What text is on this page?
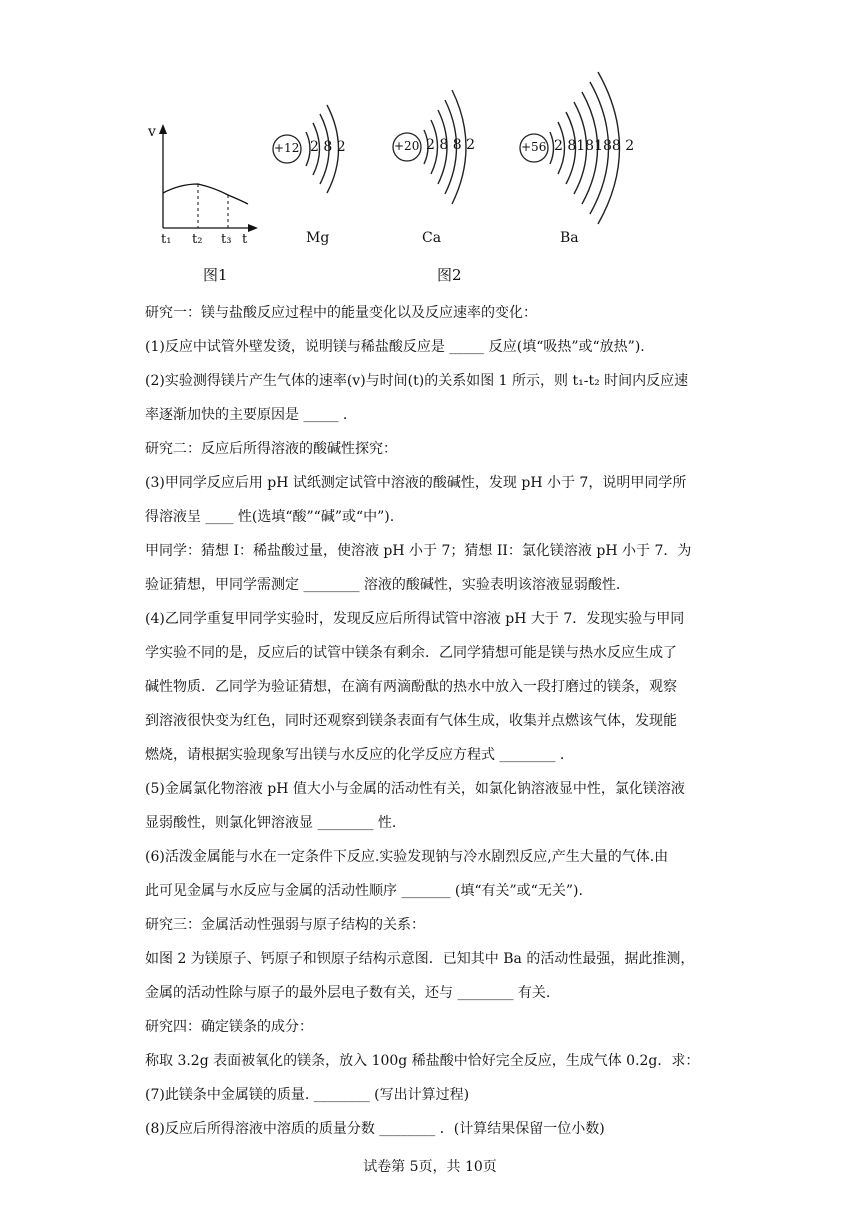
v
t₁ t₂ t₃ t
图1
+12 2 8 2
Mg
+20 2 8 8 2
Ca
+56 2 818188 2
Ba
图2
研究一：镁与盐酸反应过程中的能量变化以及反应速率的变化：
(1)反应中试管外壁发烫，说明镁与稀盐酸反应是 _____ 反应(填“吸热”或“放热”).
(2)实验测得镁片产生气体的速率(v)与时间(t)的关系如图 1 所示，则 t₁-t₂ 时间内反应速
率逐渐加快的主要原因是 _____ .
研究二：反应后所得溶液的酸碱性探究：
(3)甲同学反应后用 pH 试纸测定试管中溶液的酸碱性，发现 pH 小于 7，说明甲同学所
得溶液呈 ____ 性(选填“酸”“碱”或“中”).
甲同学：猜想 I：稀盐酸过量，使溶液 pH 小于 7；猜想 II：氯化镁溶液 pH 小于 7．为
验证猜想，甲同学需测定 ________ 溶液的酸碱性，实验表明该溶液显弱酸性.
(4)乙同学重复甲同学实验时，发现反应后所得试管中溶液 pH 大于 7．发现实验与甲同
学实验不同的是，反应后的试管中镁条有剩余．乙同学猜想可能是镁与热水反应生成了
碱性物质．乙同学为验证猜想，在滴有两滴酚酞的热水中放入一段打磨过的镁条，观察
到溶液很快变为红色，同时还观察到镁条表面有气体生成，收集并点燃该气体，发现能
燃烧，请根据实验现象写出镁与水反应的化学反应方程式 ________ .
(5)金属氯化物溶液 pH 值大小与金属的活动性有关，如氯化钠溶液显中性，氯化镁溶液
显弱酸性，则氯化钾溶液显 ________ 性.
(6)活泼金属能与水在一定条件下反应.实验发现钠与冷水剧烈反应,产生大量的气体.由
此可见金属与水反应与金属的活动性顺序 _______ (填“有关”或“无关”).
研究三：金属活动性强弱与原子结构的关系：
如图 2 为镁原子、钙原子和钡原子结构示意图．已知其中 Ba 的活动性最强，据此推测，
金属的活动性除与原子的最外层电子数有关，还与 ________ 有关.
研究四：确定镁条的成分：
称取 3.2g 表面被氧化的镁条，放入 100g 稀盐酸中恰好完全反应，生成气体 0.2g．求：
(7)此镁条中金属镁的质量. ________ (写出计算过程)
(8)反应后所得溶液中溶质的质量分数 ________ ．(计算结果保留一位小数)
试卷第 5页，共 10页
